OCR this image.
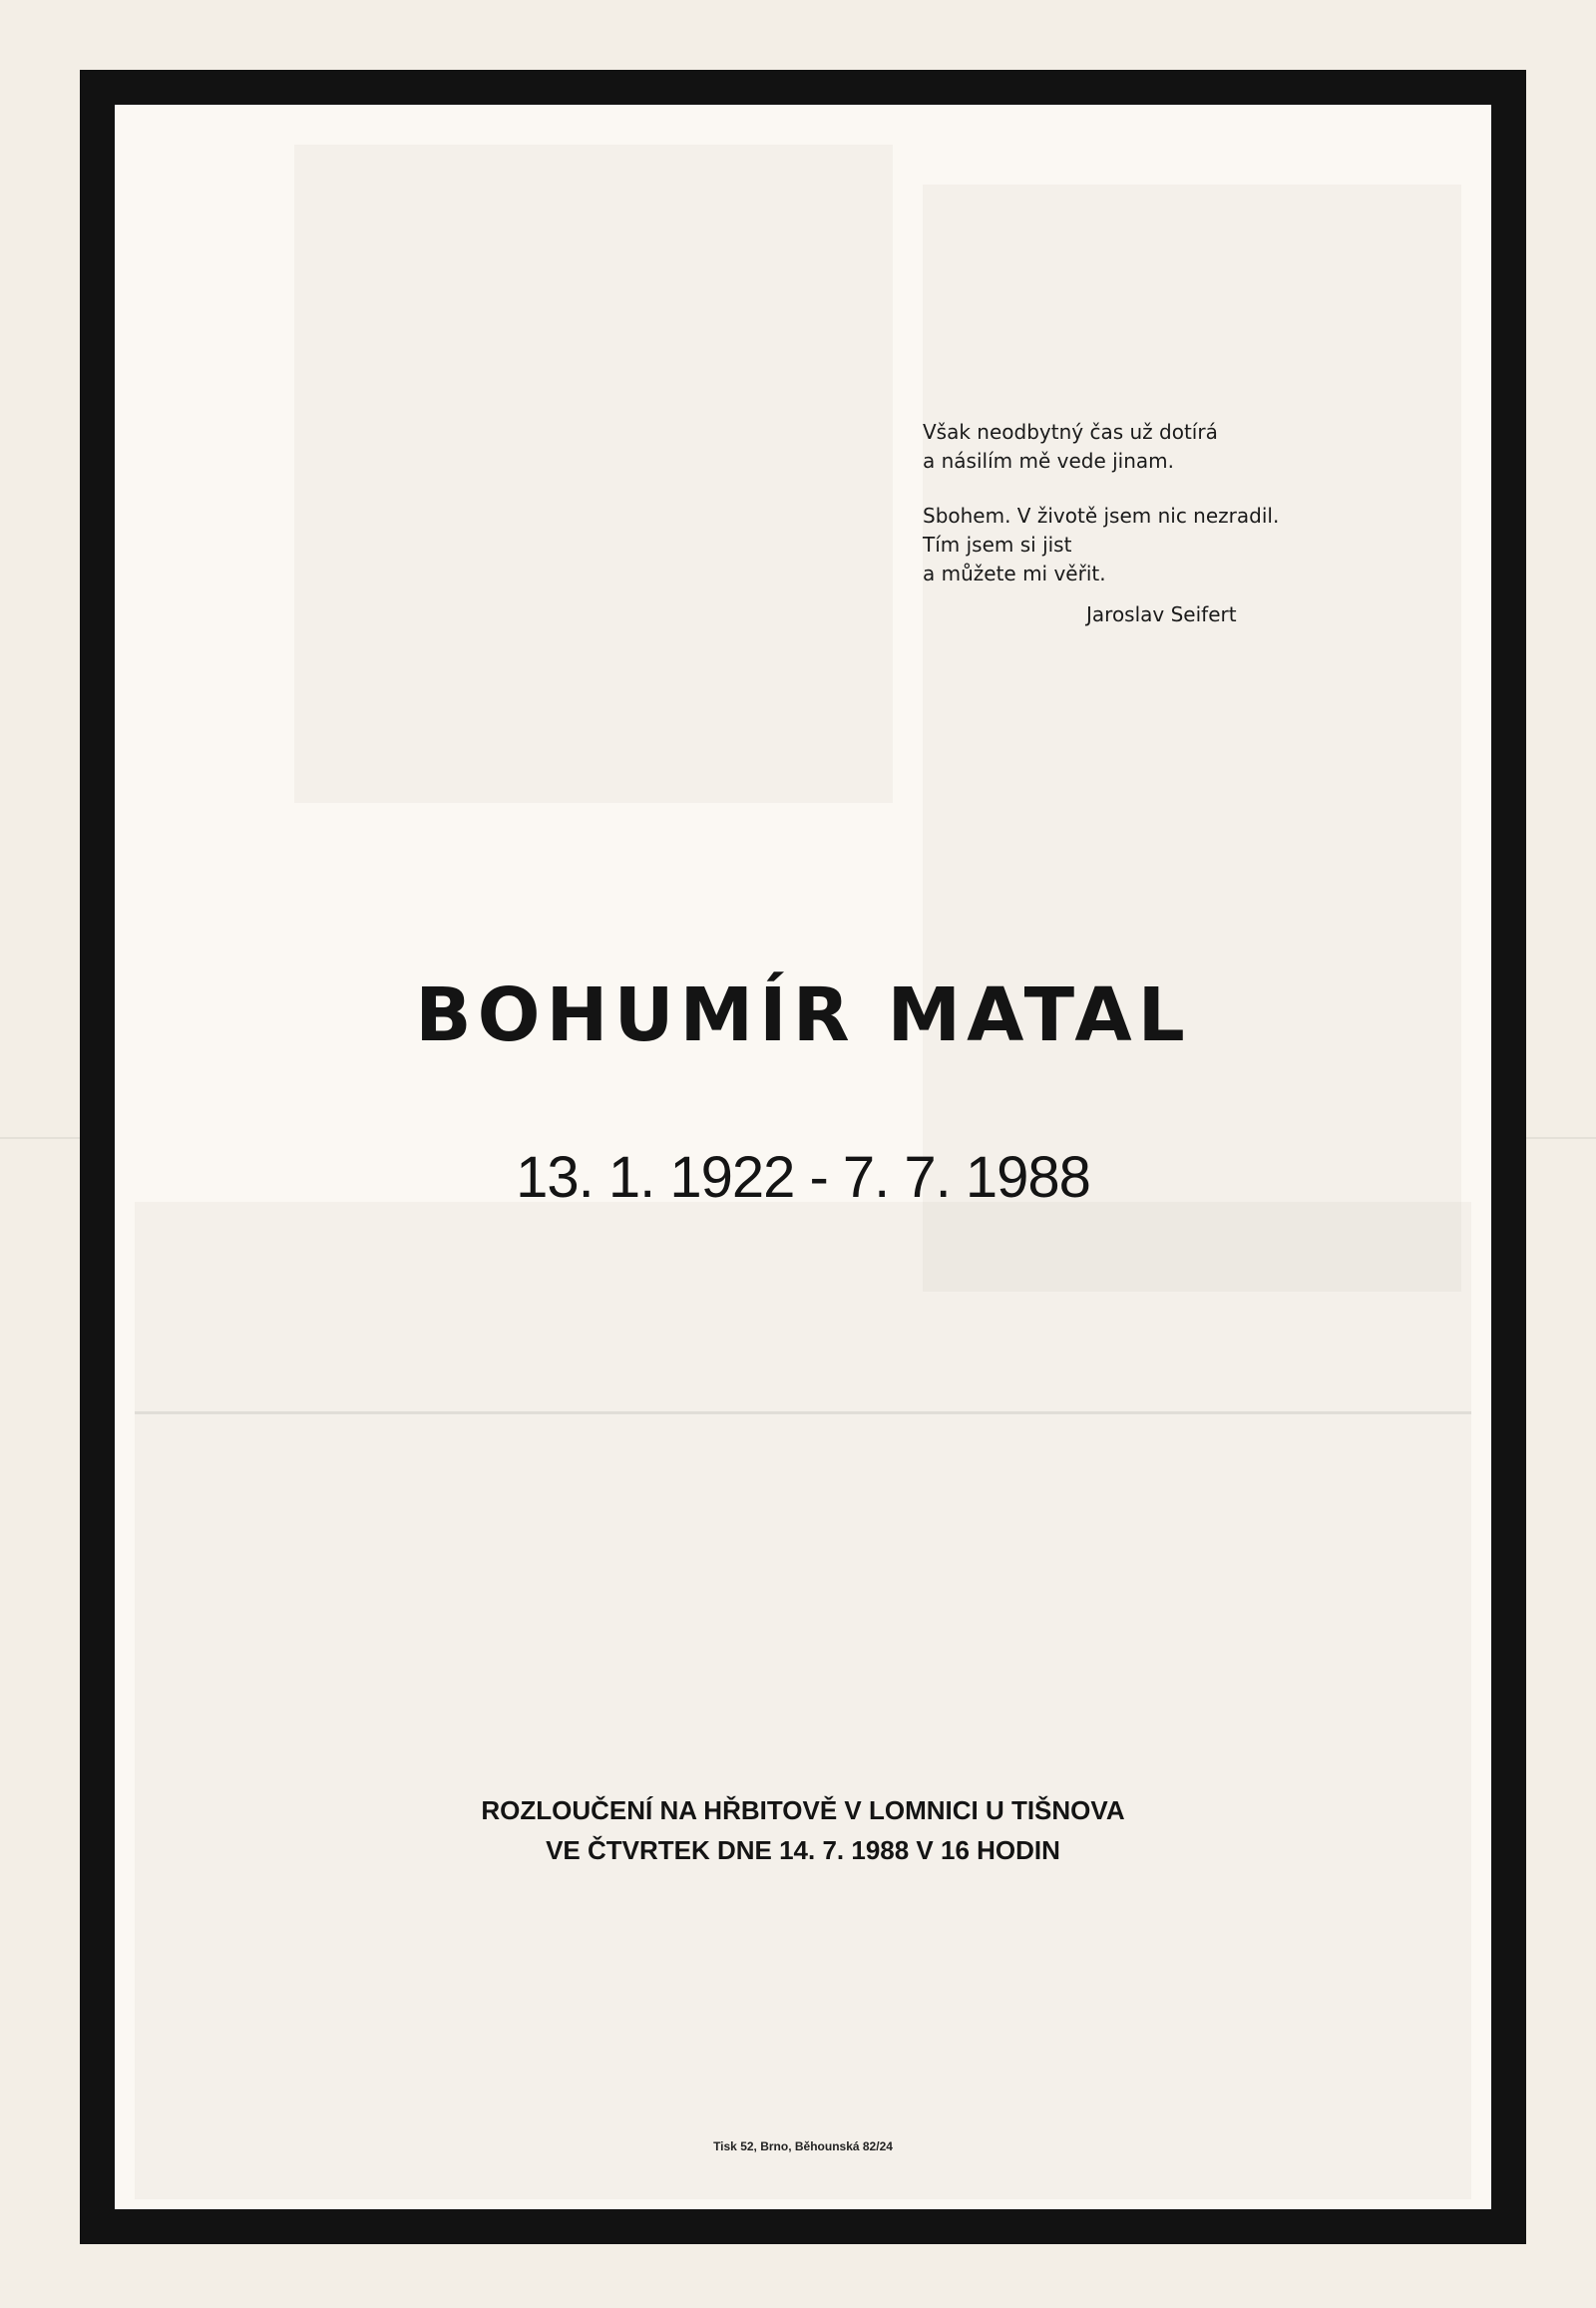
Však neodbytný čas už dotírá
a násilím mě vede jinam.
Sbohem. V životě jsem nic nezradil.
Tím jsem si jist
a můžete mi věřit.
Jaroslav Seifert
BOHUMÍR MATAL
13. 1. 1922 - 7. 7. 1988
ROZLOUČENÍ NA HŘBITOVĚ V LOMNICI U TIŠNOVA
VE ČTVRTEK DNE 14. 7. 1988 V 16 HODIN
Tisk 52, Brno, Běhounská 82/24
